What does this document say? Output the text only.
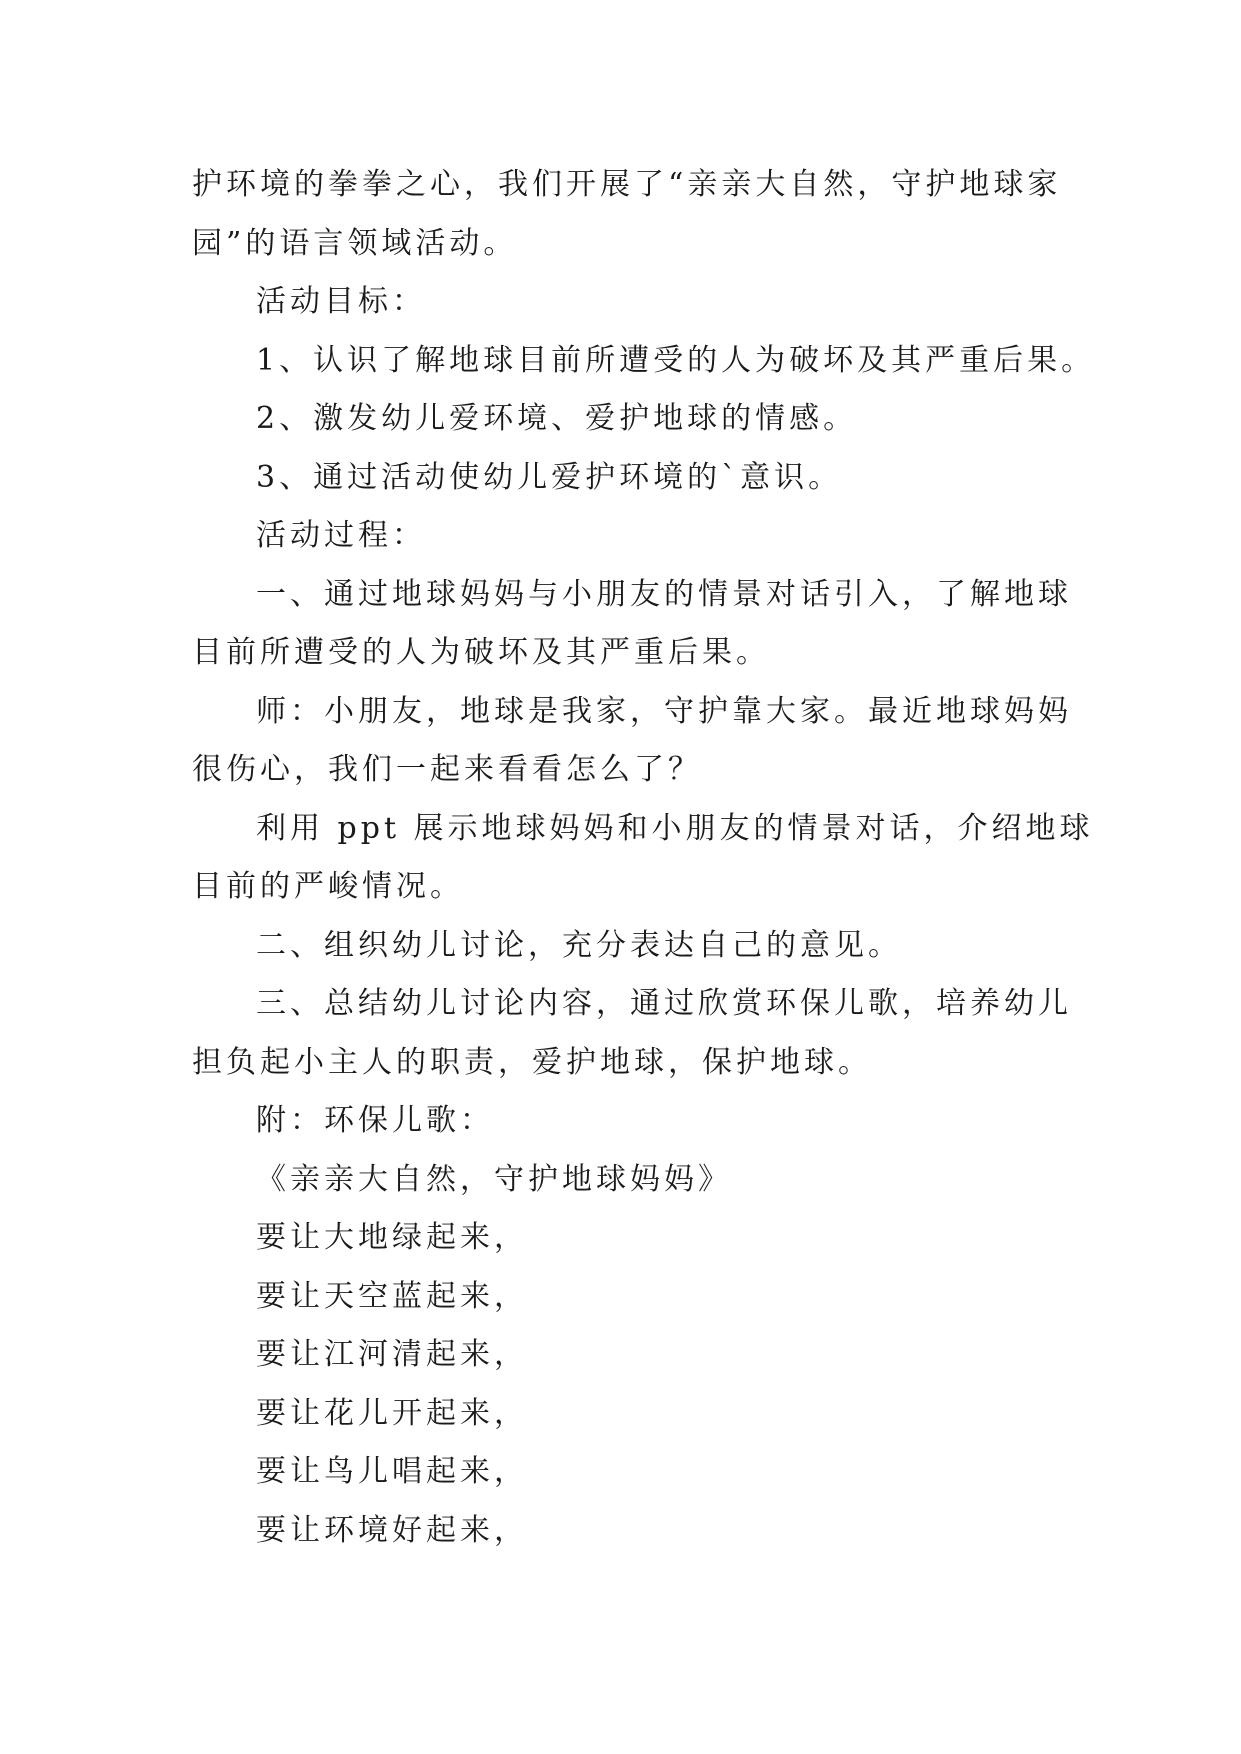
护环境的拳拳之心，我们开展了“亲亲大自然，守护地球家
园”的语言领域活动。
活动目标：
1、认识了解地球目前所遭受的人为破坏及其严重后果。
2、激发幼儿爱环境、爱护地球的情感。
3、通过活动使幼儿爱护环境的`意识。
活动过程：
一、通过地球妈妈与小朋友的情景对话引入，了解地球
目前所遭受的人为破坏及其严重后果。
师：小朋友，地球是我家，守护靠大家。最近地球妈妈
很伤心，我们一起来看看怎么了？
利用 ppt 展示地球妈妈和小朋友的情景对话，介绍地球
目前的严峻情况。
二、组织幼儿讨论，充分表达自己的意见。
三、总结幼儿讨论内容，通过欣赏环保儿歌，培养幼儿
担负起小主人的职责，爱护地球，保护地球。
附：环保儿歌：
《亲亲大自然，守护地球妈妈》
要让大地绿起来，
要让天空蓝起来，
要让江河清起来，
要让花儿开起来，
要让鸟儿唱起来，
要让环境好起来，
